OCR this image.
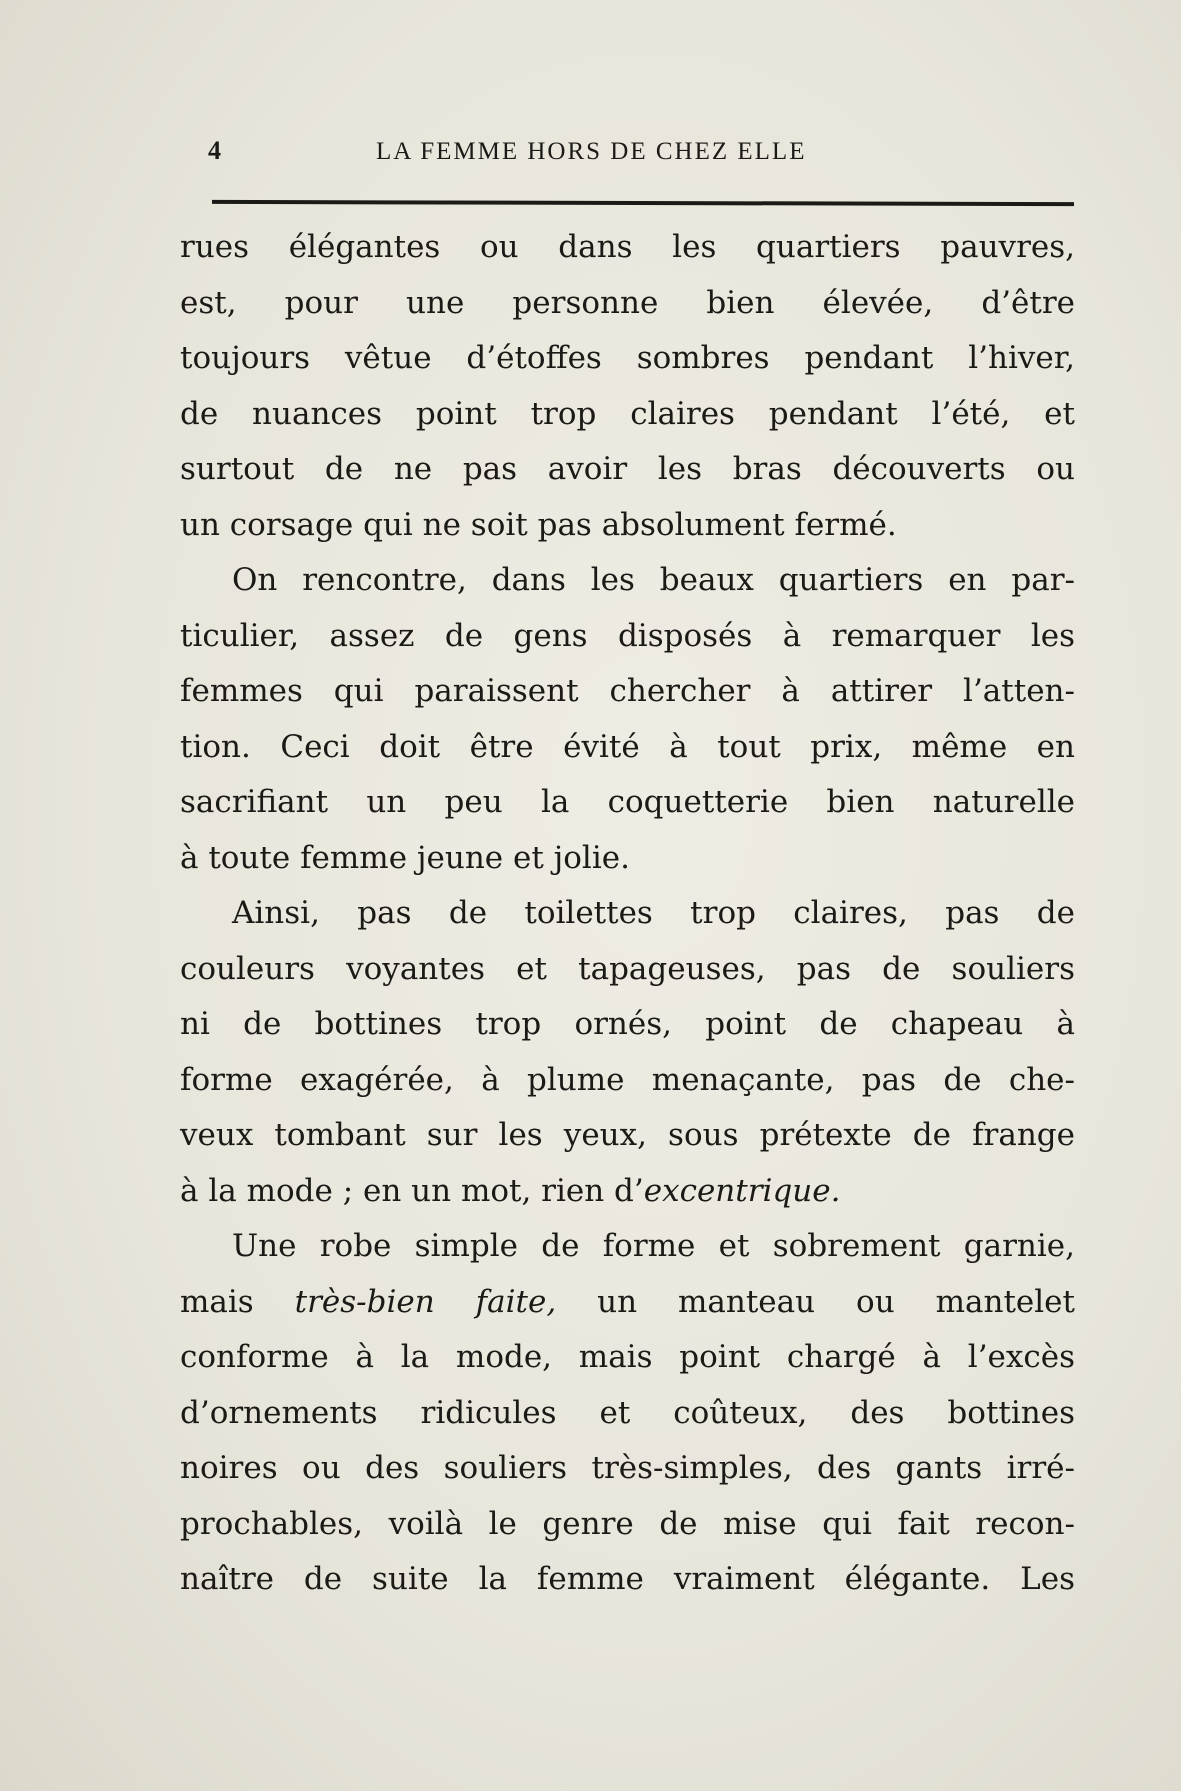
4	LA FEMME HORS DE CHEZ ELLE
rues élégantes ou dans les quartiers pauvres,
est, pour une personne bien élevée, d’être
toujours vêtue d’étoffes sombres pendant l’hiver,
de nuances point trop claires pendant l’été, et
surtout de ne pas avoir les bras découverts ou
un corsage qui ne soit pas absolument fermé.
On rencontre, dans les beaux quartiers en par-
ticulier, assez de gens disposés à remarquer les
femmes qui paraissent chercher à attirer l’atten-
tion. Ceci doit être évité à tout prix, même en
sacrifiant un peu la coquetterie bien naturelle
à toute femme jeune et jolie.
Ainsi, pas de toilettes trop claires, pas de
couleurs voyantes et tapageuses, pas de souliers
ni de bottines trop ornés, point de chapeau à
forme exagérée, à plume menaçante, pas de che-
veux tombant sur les yeux, sous prétexte de frange
à la mode ; en un mot, rien d’excentrique.
Une robe simple de forme et sobrement garnie,
mais très-bien faite, un manteau ou mantelet
conforme à la mode, mais point chargé à l’excès
d’ornements ridicules et coûteux, des bottines
noires ou des souliers très-simples, des gants irré-
prochables, voilà le genre de mise qui fait recon-
naître de suite la femme vraiment élégante. Les
